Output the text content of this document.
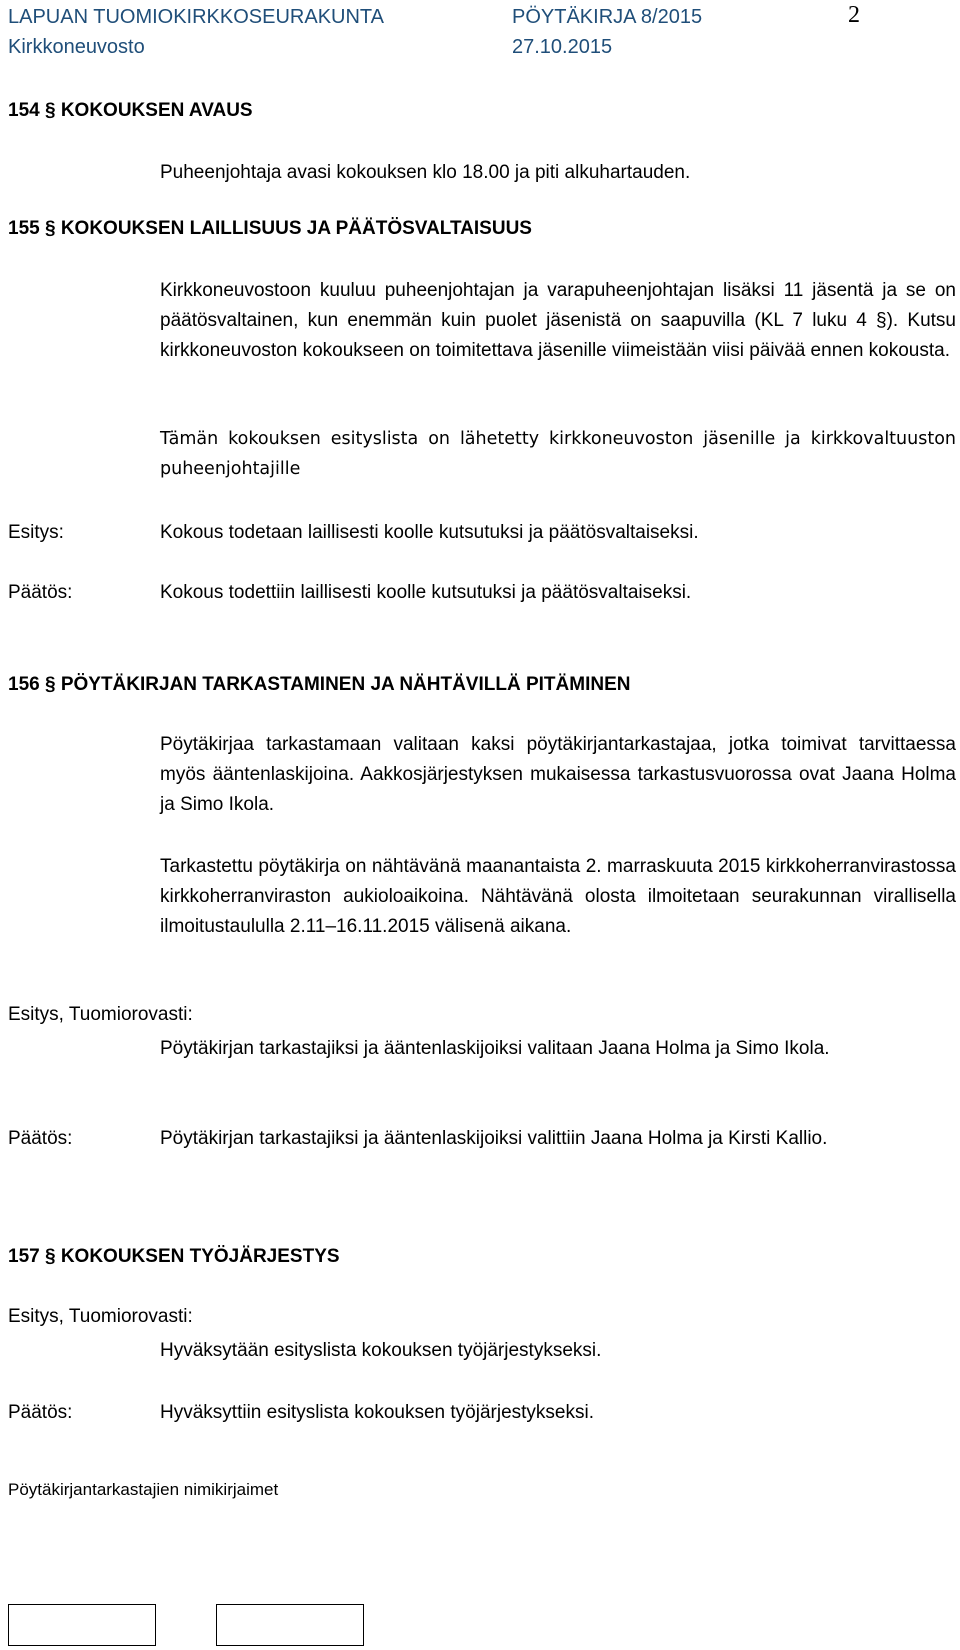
LAPUAN TUOMIOKIRKKOSEURAKUNTA	PÖYTÄKIRJA 8/2015
Kirkkoneuvosto	27.10.2015
2
154 § KOKOUKSEN AVAUS
Puheenjohtaja avasi kokouksen klo 18.00 ja piti alkuhartauden.
155 § KOKOUKSEN LAILLISUUS JA PÄÄTÖSVALTAISUUS
Kirkkoneuvostoon kuuluu puheenjohtajan ja varapuheenjohtajan lisäksi 11 jäsentä ja se on päätösvaltainen, kun enemmän kuin puolet jäsenistä on saapuvilla (KL 7 luku 4 §). Kutsu kirkkoneuvoston kokoukseen on toimitettava jäsenille viimeistään viisi päivää ennen kokousta.
Tämän kokouksen esityslista on lähetetty kirkkoneuvoston jäsenille ja kirkkovaltuuston puheenjohtajille
Esitys:	Kokous todetaan laillisesti koolle kutsutuksi ja päätösvaltaiseksi.
Päätös:	Kokous todettiin laillisesti koolle kutsutuksi ja päätösvaltaiseksi.
156 § PÖYTÄKIRJAN TARKASTAMINEN JA NÄHTÄVILLÄ PITÄMINEN
Pöytäkirjaa tarkastamaan valitaan kaksi pöytäkirjantarkastajaa, jotka toimivat tarvittaessa myös ääntenlaskijoina. Aakkosjärjestyksen mukaisessa tarkastusvuorossa ovat Jaana Holma ja Simo Ikola.
Tarkastettu pöytäkirja on nähtävänä maanantaista 2. marraskuuta 2015 kirkkoherranvirastossa kirkkoherranviraston aukioloaikoina. Nähtävänä olosta ilmoitetaan seurakunnan virallisella ilmoitustaululla 2.11–16.11.2015 välisenä aikana.
Esitys, Tuomiorovasti:
Pöytäkirjan tarkastajiksi ja ääntenlaskijoiksi valitaan Jaana Holma ja Simo Ikola.
Päätös:	Pöytäkirjan tarkastajiksi ja ääntenlaskijoiksi valittiin Jaana Holma ja Kirsti Kallio.
157 § KOKOUKSEN TYÖJÄRJESTYS
Esitys, Tuomiorovasti:
Hyväksytään esityslista kokouksen työjärjestykseksi.
Päätös:	Hyväksyttiin esityslista kokouksen työjärjestykseksi.
Pöytäkirjantarkastajien nimikirjaimet
